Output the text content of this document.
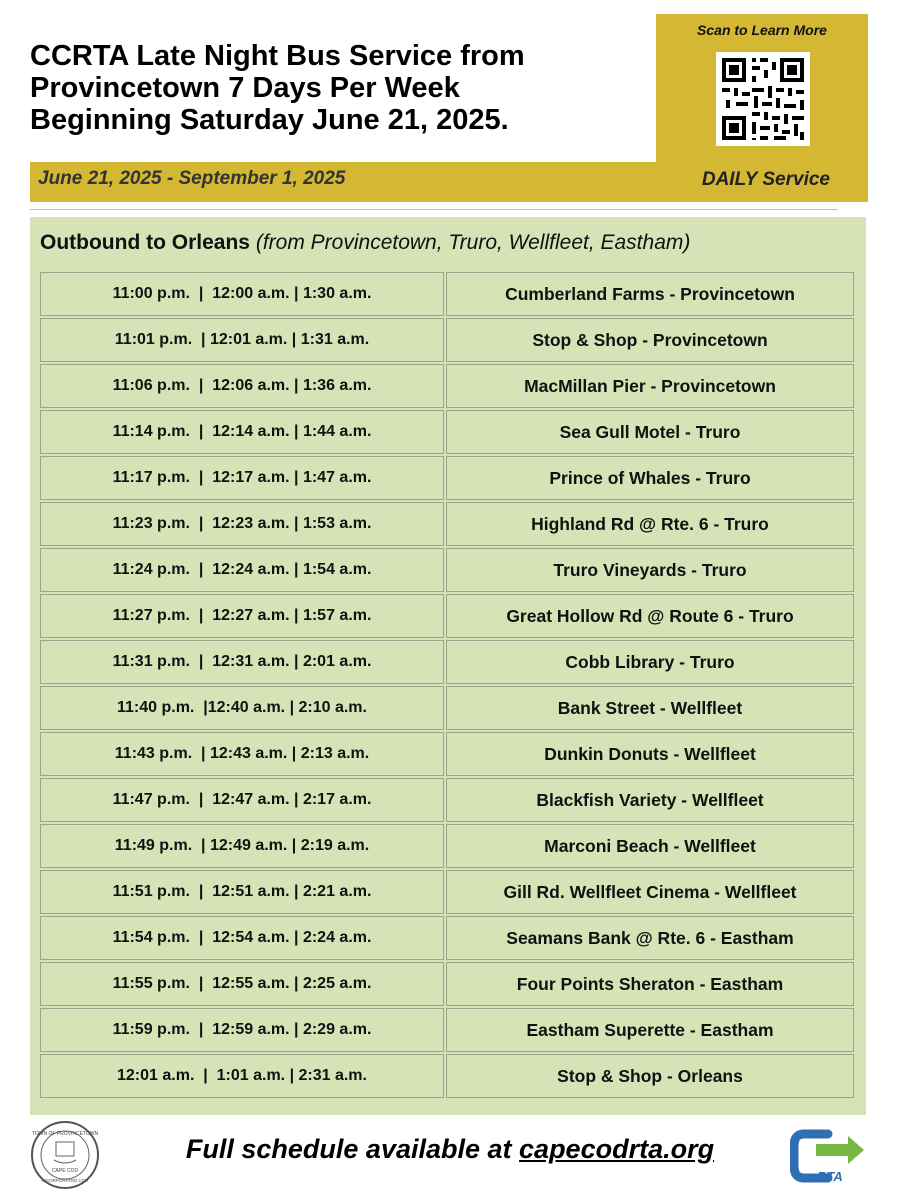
CCRTA Late Night Bus Service from
Provincetown 7 Days Per Week
Beginning Saturday June 21, 2025.
June 21, 2025 - September 1, 2025
Scan to Learn More
DAILY Service
Outbound to Orleans (from Provincetown, Truro, Wellfleet, Eastham)
11:00 p.m.  |  12:00 a.m. | 1:30 a.m.	Cumberland Farms - Provincetown
11:01 p.m.  | 12:01 a.m. | 1:31 a.m.	Stop & Shop - Provincetown
11:06 p.m.  |  12:06 a.m. | 1:36 a.m.	MacMillan Pier - Provincetown
11:14 p.m.  |  12:14 a.m. | 1:44 a.m.	Sea Gull Motel - Truro
11:17 p.m.  |  12:17 a.m. | 1:47 a.m.	Prince of Whales - Truro
11:23 p.m.  |  12:23 a.m. | 1:53 a.m.	Highland Rd @ Rte. 6 - Truro
11:24 p.m.  |  12:24 a.m. | 1:54 a.m.	Truro Vineyards - Truro
11:27 p.m.  |  12:27 a.m. | 1:57 a.m.	Great Hollow Rd @ Route 6 - Truro
11:31 p.m.  |  12:31 a.m. | 2:01 a.m.	Cobb Library - Truro
11:40 p.m.  |12:40 a.m. | 2:10 a.m.	Bank Street - Wellfleet
11:43 p.m.  | 12:43 a.m. | 2:13 a.m.	Dunkin Donuts - Wellfleet
11:47 p.m.  |  12:47 a.m. | 2:17 a.m.	Blackfish Variety - Wellfleet
11:49 p.m.  | 12:49 a.m. | 2:19 a.m.	Marconi Beach - Wellfleet
11:51 p.m.  |  12:51 a.m. | 2:21 a.m.	Gill Rd. Wellfleet Cinema - Wellfleet
11:54 p.m.  |  12:54 a.m. | 2:24 a.m.	Seamans Bank @ Rte. 6 - Eastham
11:55 p.m.  |  12:55 a.m. | 2:25 a.m.	Four Points Sheraton - Eastham
11:59 p.m.  |  12:59 a.m. | 2:29 a.m.	Eastham Superette - Eastham
12:01 a.m.  |  1:01 a.m. | 2:31 a.m.	Stop & Shop - Orleans
TOWN OF PROVINCETOWN
CAPE COD
INCORPORATED 1727
Full schedule available at capecodrta.org
RTA
